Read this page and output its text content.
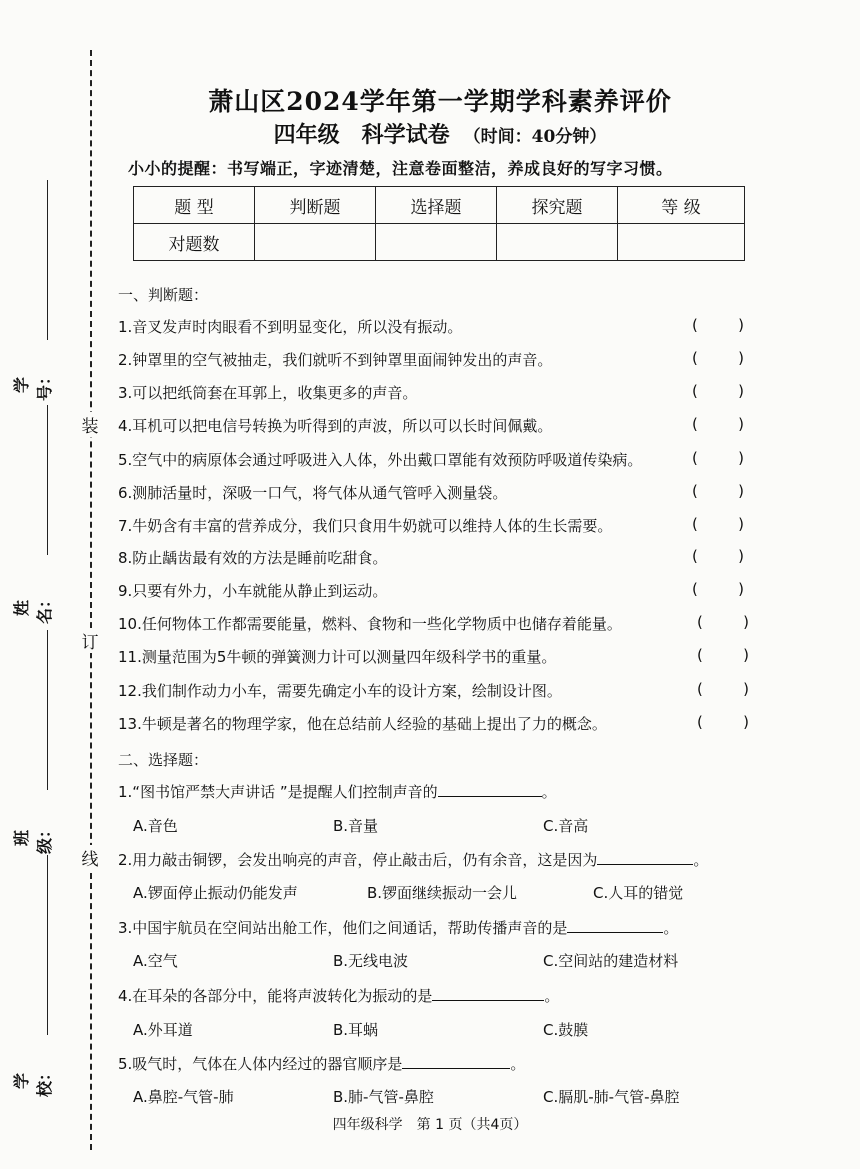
装
订
线
学号：
姓名：
班级：
学校：
萧山区2024学年第一学期学科素养评价
四年级　科学试卷 （时间：40分钟）
小小的提醒：书写端正，字迹清楚，注意卷面整洁，养成良好的写字习惯。
题 型	判断题	选择题	探究题	等 级
对题数				
一、判断题：
1.音叉发声时肉眼看不到明显变化，所以没有振动。	(	)
2.钟罩里的空气被抽走，我们就听不到钟罩里面闹钟发出的声音。	(	)
3.可以把纸筒套在耳郭上，收集更多的声音。	(	)
4.耳机可以把电信号转换为听得到的声波，所以可以长时间佩戴。	(	)
5.空气中的病原体会通过呼吸进入人体，外出戴口罩能有效预防呼吸道传染病。	(	)
6.测肺活量时，深吸一口气，将气体从通气管呼入测量袋。	(	)
7.牛奶含有丰富的营养成分，我们只食用牛奶就可以维持人体的生长需要。	(	)
8.防止龋齿最有效的方法是睡前吃甜食。	(	)
9.只要有外力，小车就能从静止到运动。	(	)
10.任何物体工作都需要能量，燃料、食物和一些化学物质中也储存着能量。	(	)
11.测量范围为5牛顿的弹簧测力计可以测量四年级科学书的重量。	(	)
12.我们制作动力小车，需要先确定小车的设计方案，绘制设计图。	(	)
13.牛顿是著名的物理学家，他在总结前人经验的基础上提出了力的概念。	(	)
二、选择题：
1.“图书馆严禁大声讲话 ”是提醒人们控制声音的	。
A.音色	B.音量	C.音高
2.用力敲击铜锣，会发出响亮的声音，停止敲击后，仍有余音，这是因为	。
A.锣面停止振动仍能发声	B.锣面继续振动一会儿	C.人耳的错觉
3.中国宇航员在空间站出舱工作，他们之间通话，帮助传播声音的是	。
A.空气	B.无线电波	C.空间站的建造材料
4.在耳朵的各部分中，能将声波转化为振动的是	。
A.外耳道	B.耳蜗	C.鼓膜
5.吸气时，气体在人体内经过的器官顺序是	。
A.鼻腔-气管-肺	B.肺-气管-鼻腔	C.膈肌-肺-气管-鼻腔
四年级科学　第 1 页（共4页）
